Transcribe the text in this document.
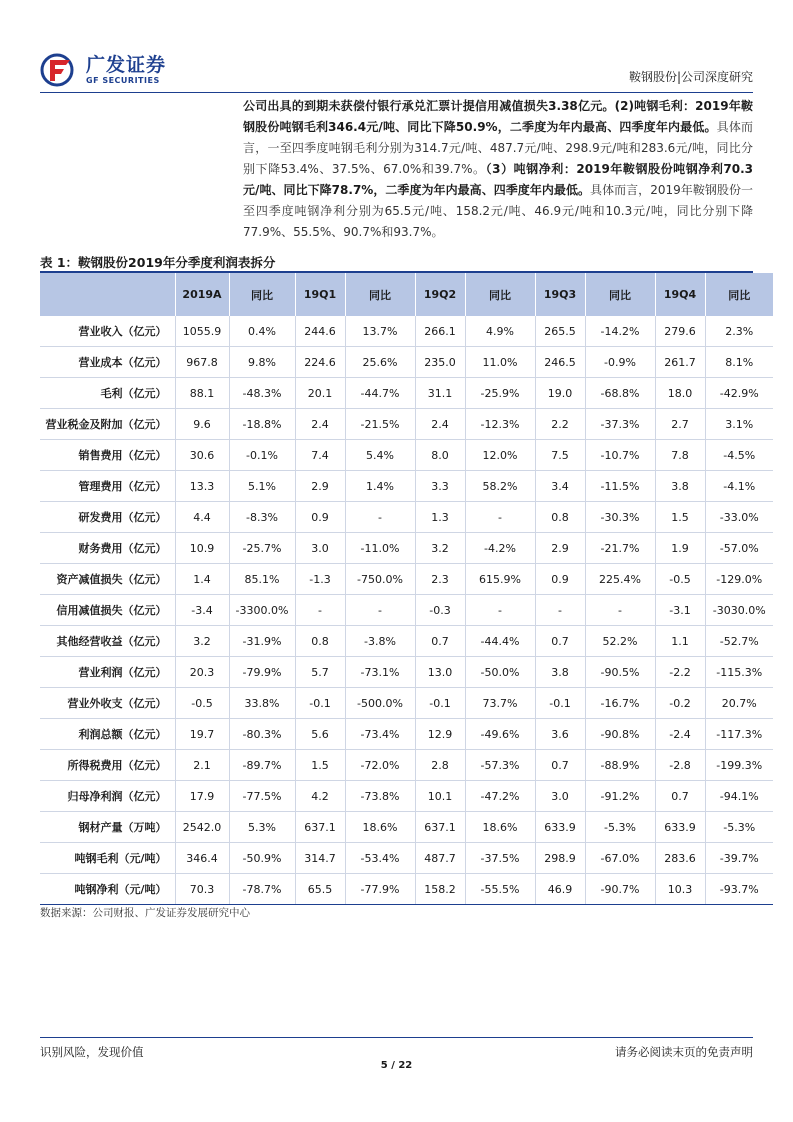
广发证券
GF SECURITIES	鞍钢股份|公司深度研究
公司出具的到期未获偿付银行承兑汇票计提信用减值损失3.38亿元。(2)吨钢毛利：2019年鞍钢股份吨钢毛利346.4元/吨、同比下降50.9%，二季度为年内最高、四季度年内最低。具体而言，一至四季度吨钢毛利分别为314.7元/吨、487.7元/吨、298.9元/吨和283.6元/吨，同比分别下降53.4%、37.5%、67.0%和39.7%。（3）吨钢净利：2019年鞍钢股份吨钢净利70.3元/吨、同比下降78.7%，二季度为年内最高、四季度年内最低。具体而言，2019年鞍钢股份一至四季度吨钢净利分别为65.5元/吨、158.2元/吨、46.9元/吨和10.3元/吨，同比分别下降77.9%、55.5%、90.7%和93.7%。
表 1：鞍钢股份2019年分季度利润表拆分
	2019A	同比	19Q1	同比	19Q2	同比	19Q3	同比	19Q4	同比
营业收入（亿元）	1055.9	0.4%	244.6	13.7%	266.1	4.9%	265.5	-14.2%	279.6	2.3%
营业成本（亿元）	967.8	9.8%	224.6	25.6%	235.0	11.0%	246.5	-0.9%	261.7	8.1%
毛利（亿元）	88.1	-48.3%	20.1	-44.7%	31.1	-25.9%	19.0	-68.8%	18.0	-42.9%
营业税金及附加（亿元）	9.6	-18.8%	2.4	-21.5%	2.4	-12.3%	2.2	-37.3%	2.7	3.1%
销售费用（亿元）	30.6	-0.1%	7.4	5.4%	8.0	12.0%	7.5	-10.7%	7.8	-4.5%
管理费用（亿元）	13.3	5.1%	2.9	1.4%	3.3	58.2%	3.4	-11.5%	3.8	-4.1%
研发费用（亿元）	4.4	-8.3%	0.9	-	1.3	-	0.8	-30.3%	1.5	-33.0%
财务费用（亿元）	10.9	-25.7%	3.0	-11.0%	3.2	-4.2%	2.9	-21.7%	1.9	-57.0%
资产减值损失（亿元）	1.4	85.1%	-1.3	-750.0%	2.3	615.9%	0.9	225.4%	-0.5	-129.0%
信用减值损失（亿元）	-3.4	-3300.0%	-	-	-0.3	-	-	-	-3.1	-3030.0%
其他经营收益（亿元）	3.2	-31.9%	0.8	-3.8%	0.7	-44.4%	0.7	52.2%	1.1	-52.7%
营业利润（亿元）	20.3	-79.9%	5.7	-73.1%	13.0	-50.0%	3.8	-90.5%	-2.2	-115.3%
营业外收支（亿元）	-0.5	33.8%	-0.1	-500.0%	-0.1	73.7%	-0.1	-16.7%	-0.2	20.7%
利润总额（亿元）	19.7	-80.3%	5.6	-73.4%	12.9	-49.6%	3.6	-90.8%	-2.4	-117.3%
所得税费用（亿元）	2.1	-89.7%	1.5	-72.0%	2.8	-57.3%	0.7	-88.9%	-2.8	-199.3%
归母净利润（亿元）	17.9	-77.5%	4.2	-73.8%	10.1	-47.2%	3.0	-91.2%	0.7	-94.1%
钢材产量（万吨）	2542.0	5.3%	637.1	18.6%	637.1	18.6%	633.9	-5.3%	633.9	-5.3%
吨钢毛利（元/吨）	346.4	-50.9%	314.7	-53.4%	487.7	-37.5%	298.9	-67.0%	283.6	-39.7%
吨钢净利（元/吨）	70.3	-78.7%	65.5	-77.9%	158.2	-55.5%	46.9	-90.7%	10.3	-93.7%
数据来源：公司财报、广发证券发展研究中心
识别风险，发现价值	请务必阅读末页的免责声明
5 / 22
